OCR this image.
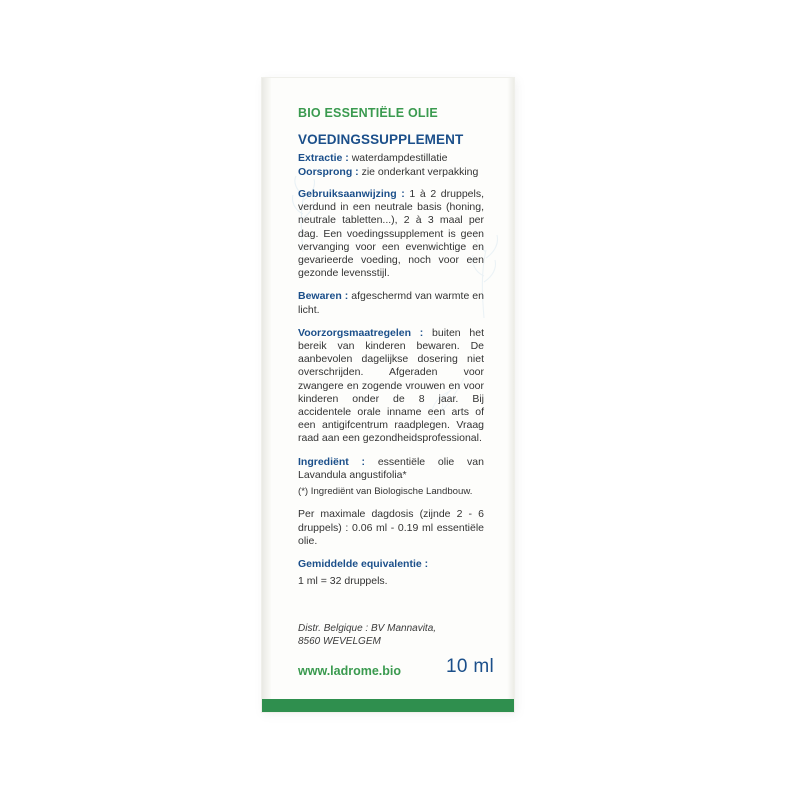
BIO ESSENTIËLE OLIE
VOEDINGSSUPPLEMENT
Extractie : waterdampdestillatie
Oorsprong : zie onderkant verpakking
Gebruiksaanwijzing : 1 à 2 druppels, verdund in een neutrale basis (honing, neutrale tabletten...), 2 à 3 maal per dag. Een voedingssupplement is geen vervanging voor een evenwichtige en gevarieerde voeding, noch voor een gezonde levensstijl.
Bewaren : afgeschermd van warmte en licht.
Voorzorgsmaatregelen : buiten het bereik van kinderen bewaren. De aanbevolen dagelijkse dosering niet overschrijden. Afgeraden voor zwangere en zogende vrouwen en voor kinderen onder de 8 jaar. Bij accidentele orale inname een arts of een antigifcentrum raadplegen. Vraag raad aan een gezondheidsprofessional.
Ingrediënt : essentiële olie van Lavandula angustifolia*
(*) Ingrediënt van Biologische Landbouw.
Per maximale dagdosis (zijnde 2 - 6 druppels) : 0.06 ml - 0.19 ml essentiële olie.
Gemiddelde equivalentie :
1 ml = 32 druppels.
Distr. Belgique : BV Mannavita,
8560 WEVELGEM
www.ladrome.bio 10 ml
